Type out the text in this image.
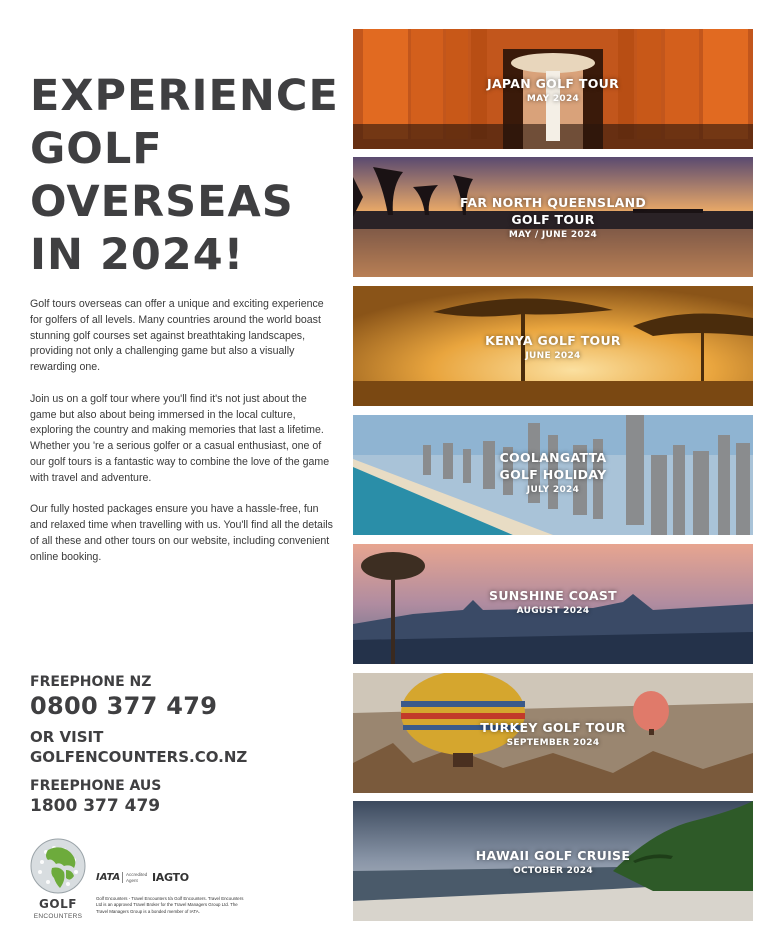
EXPERIENCE
GOLF
OVERSEAS
IN 2024!

Golf tours overseas can offer a unique and exciting experience for golfers of all levels. Many countries around the world boast stunning golf courses set against breathtaking landscapes, providing not only a challenging game but also a visually rewarding one.

Join us on a golf tour where you'll find it's not just about the game but also about being immersed in the local culture, exploring the country and making memories that last a lifetime. Whether you 're a serious golfer or a casual enthusiast, one of our golf tours is a fantastic way to combine the love of the game with travel and adventure.

Our fully hosted packages ensure you have a hassle-free, fun and relaxed time when travelling with us. You'll find all the details of all these and other tours on our website, including convenient online booking.

FREEPHONE NZ
0800 377 479
OR VISIT
GOLFENCOUNTERS.CO.NZ
FREEPHONE AUS
1800 377 479
GOLF
ENCOUNTERS
IATA	Accredited Agent	IAGTO
Golf Encounters - Travel Encounters t/a Golf Encounters. Travel Encounters Ltd is an approved Travel Broker for the Travel Managers Group Ltd. The Travel Managers Group is a bonded member of IATA.
JAPAN GOLF TOUR
MAY 2024
FAR NORTH QUEENSLAND
GOLF TOUR
MAY / JUNE 2024
KENYA GOLF TOUR
JUNE 2024
COOLANGATTA
GOLF HOLIDAY
JULY 2024
SUNSHINE COAST
AUGUST 2024
TURKEY GOLF TOUR
SEPTEMBER 2024
HAWAII GOLF CRUISE
OCTOBER 2024
